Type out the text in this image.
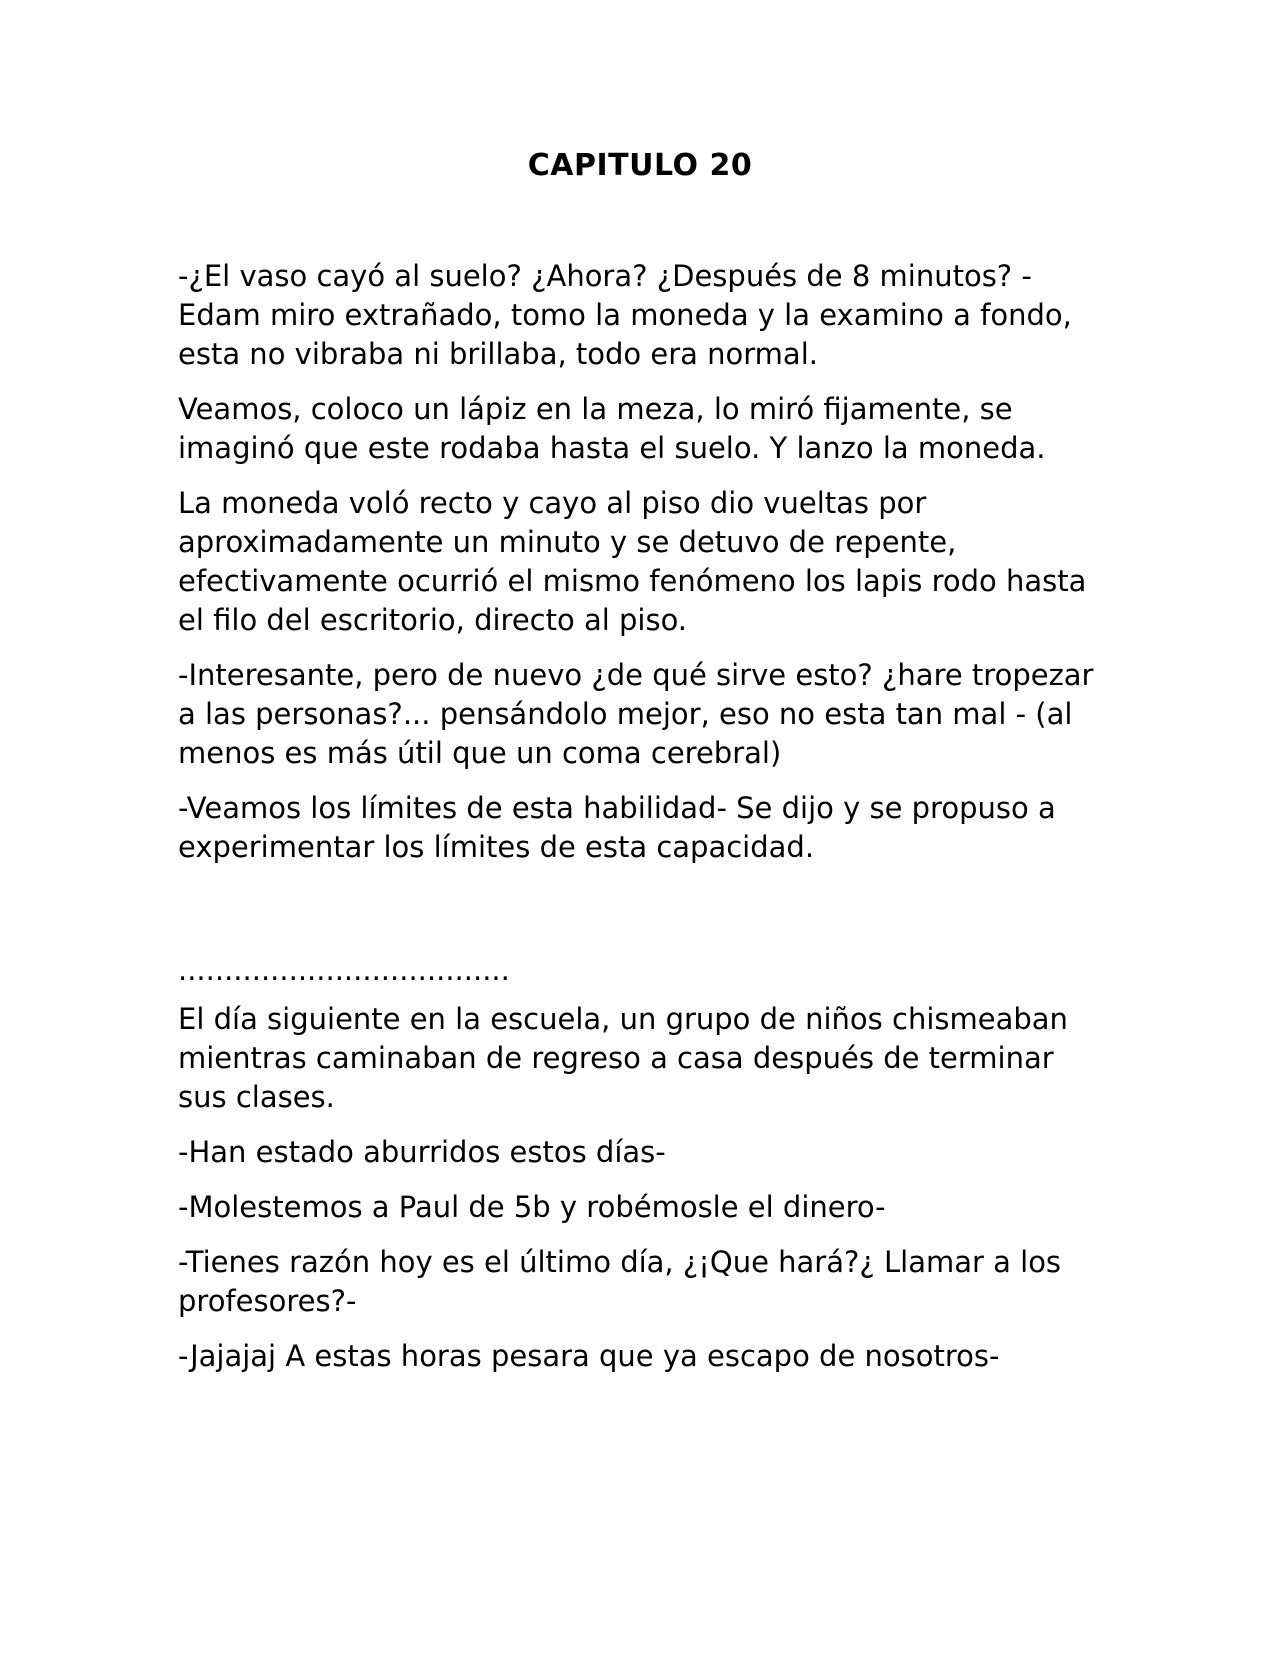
CAPITULO 20

-¿El vaso cayó al suelo? ¿Ahora? ¿Después de 8 minutos? - Edam miro extrañado, tomo la moneda y la examino a fondo, esta no vibraba ni brillaba, todo era normal.

Veamos, coloco un lápiz en la meza, lo miró fijamente, se imaginó que este rodaba hasta el suelo. Y lanzo la moneda.

La moneda voló recto y cayo al piso dio vueltas por aproximadamente un minuto y se detuvo de repente, efectivamente ocurrió el mismo fenómeno los lapis rodo hasta el filo del escritorio, directo al piso.

-Interesante, pero de nuevo ¿de qué sirve esto? ¿hare tropezar a las personas?... pensándolo mejor, eso no esta tan mal - (al menos es más útil que un coma cerebral)

-Veamos los límites de esta habilidad- Se dijo y se propuso a experimentar los límites de esta capacidad.

....................................

El día siguiente en la escuela, un grupo de niños chismeaban mientras caminaban de regreso a casa después de terminar sus clases.

-Han estado aburridos estos días-

-Molestemos a Paul de 5b y robémosle el dinero-

-Tienes razón hoy es el último día, ¿¡Que hará?¿ Llamar a los profesores?-

-Jajajaj A estas horas pesara que ya escapo de nosotros-
